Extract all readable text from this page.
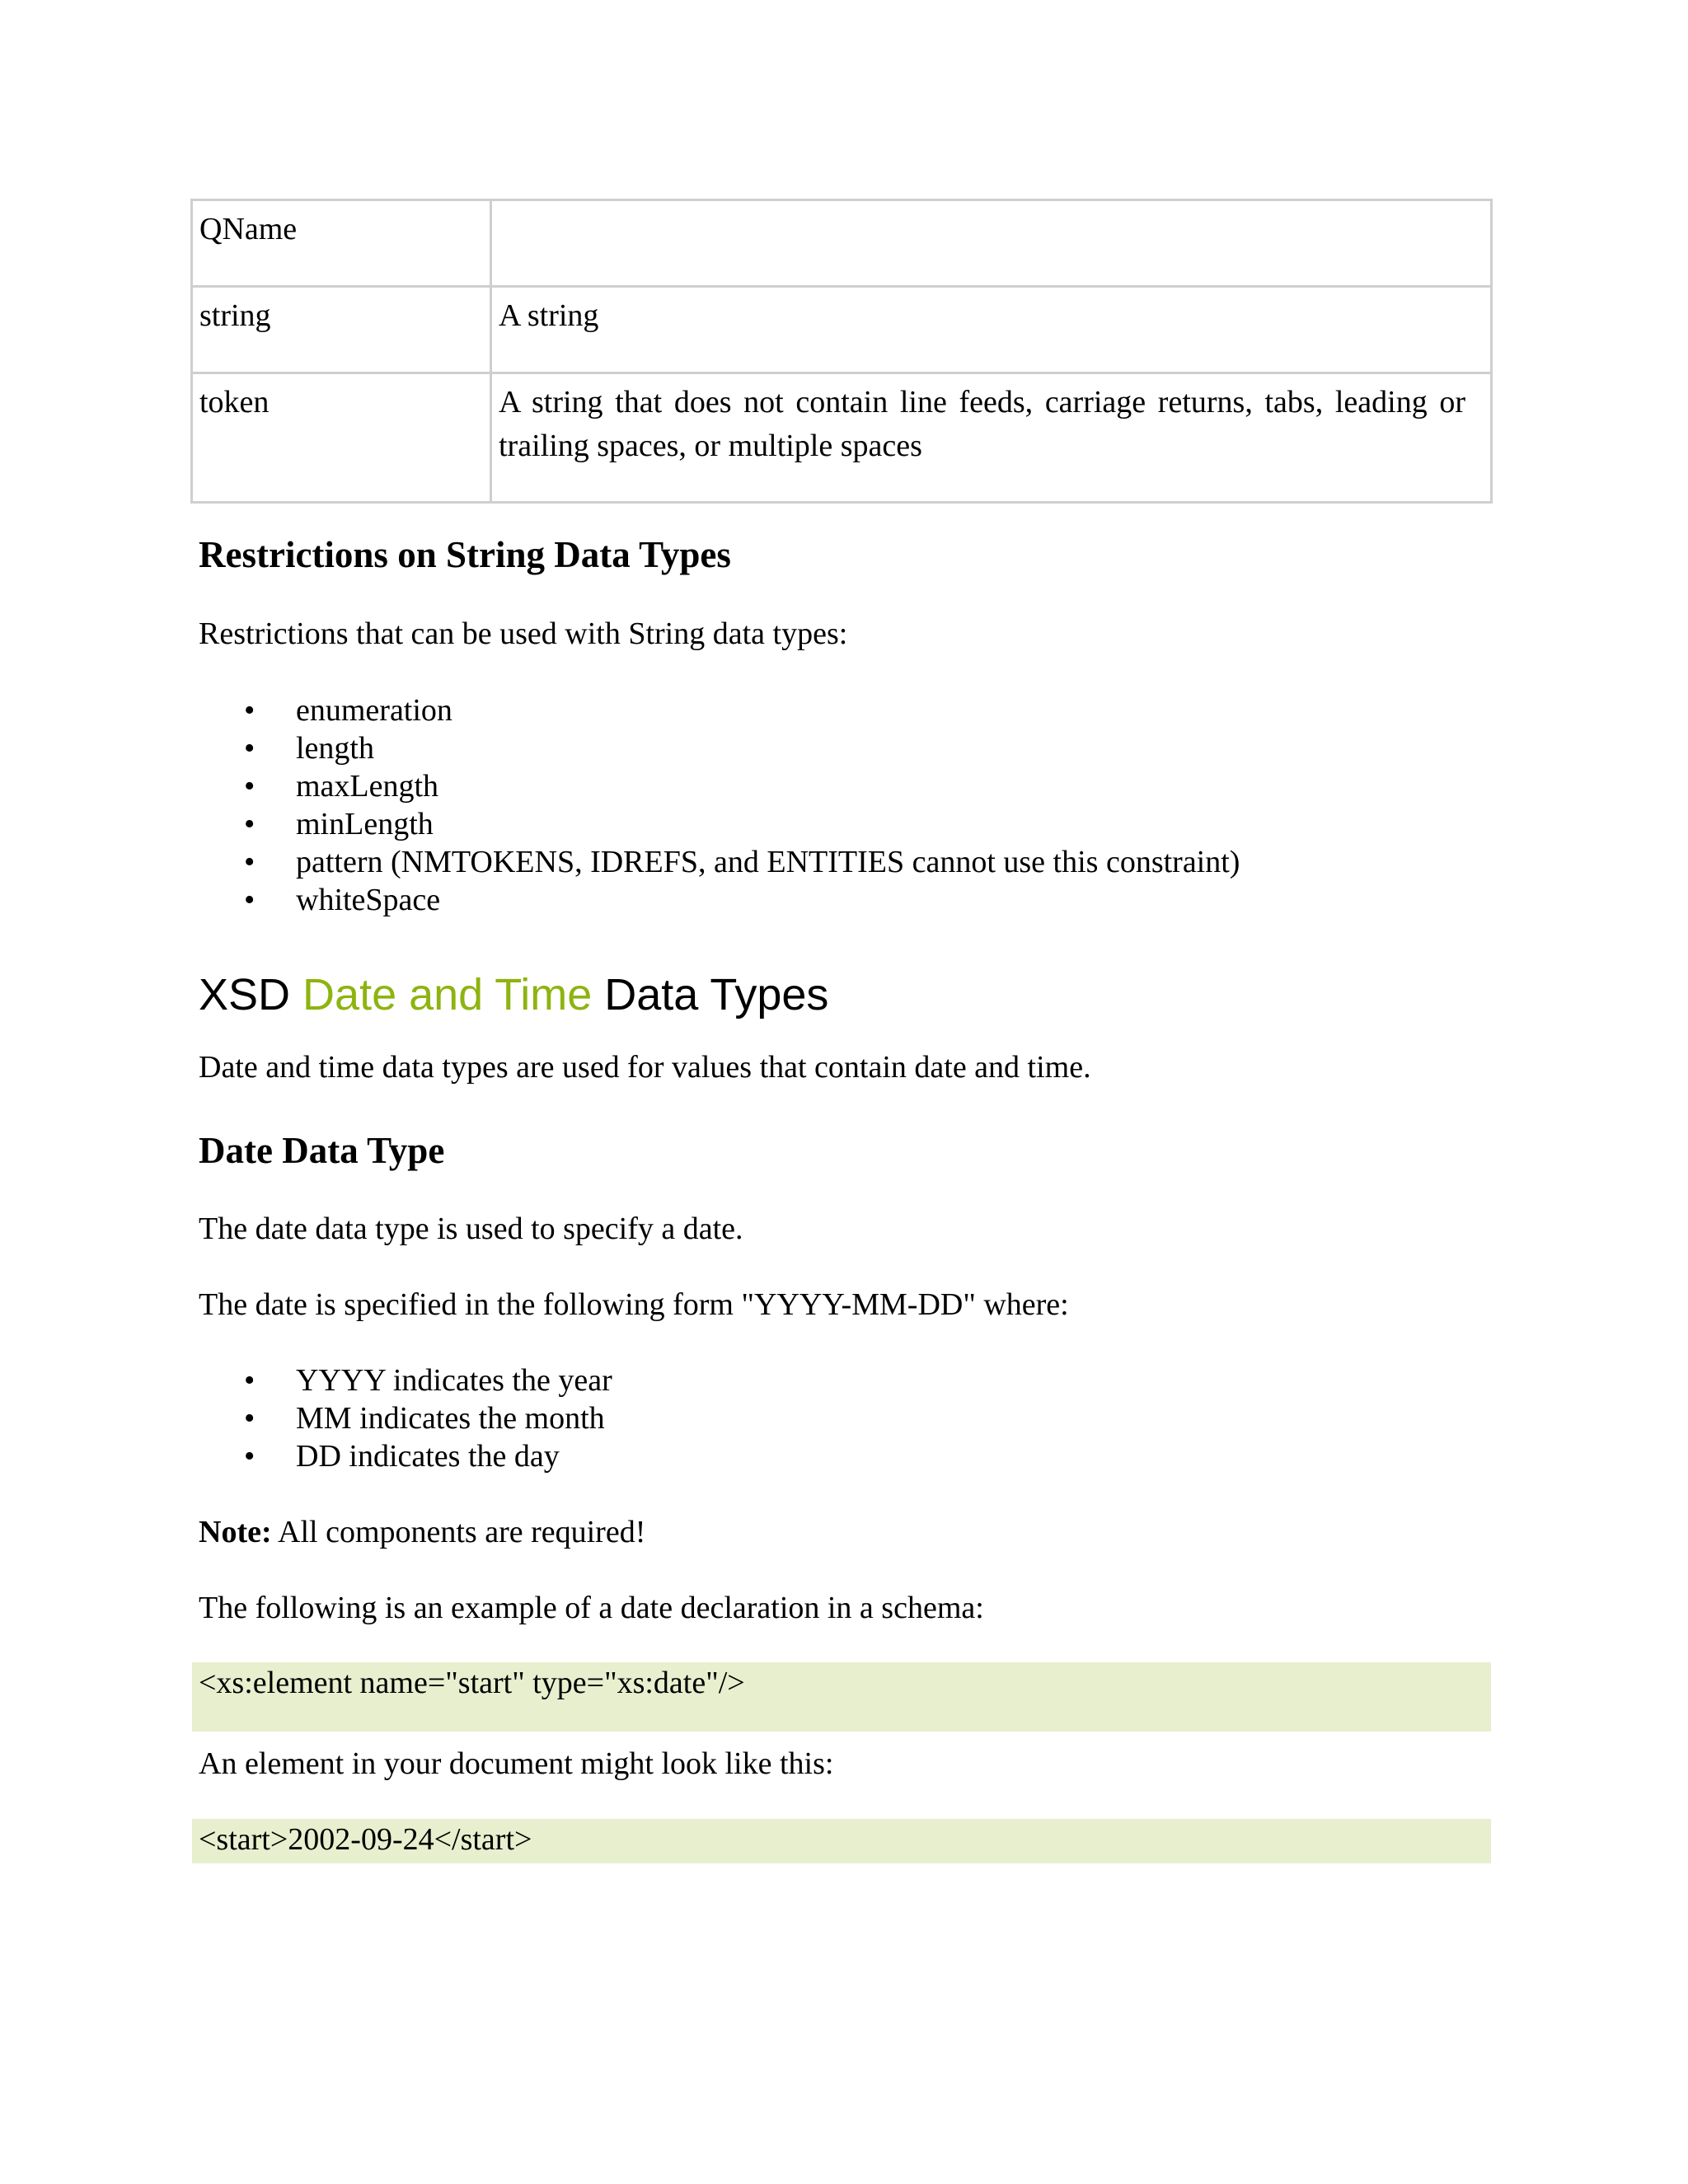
QName	

string	A string

token	A string that does not contain line feeds, carriage returns, tabs, leading or trailing spaces, or multiple spaces
Restrictions on String Data Types

Restrictions that can be used with String data types:

• enumeration
• length
• maxLength
• minLength
• pattern (NMTOKENS, IDREFS, and ENTITIES cannot use this constraint)
• whiteSpace
XSD Date and Time Data Types

Date and time data types are used for values that contain date and time.

Date Data Type

The date data type is used to specify a date.

The date is specified in the following form "YYYY-MM-DD" where:

• YYYY indicates the year
• MM indicates the month
• DD indicates the day

Note: All components are required!

The following is an example of a date declaration in a schema:

<xs:element name="start" type="xs:date"/>

An element in your document might look like this:

<start>2002-09-24</start>
